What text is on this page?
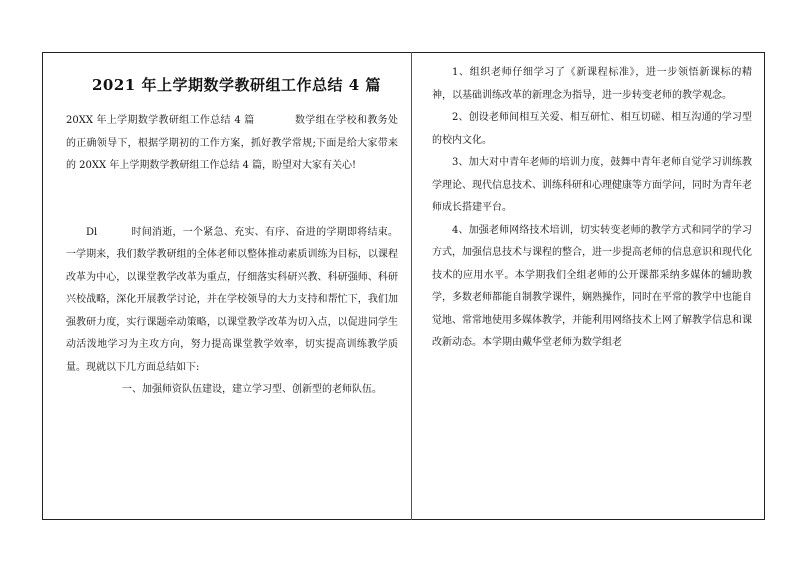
2021 年上学期数学教研组工作总结 4 篇

20XX 年上学期数学教研组工作总结 4 篇	数学组在学校和教务处的正确领导下，根据学期初的工作方案，抓好教学常规;下面是给大家带来的 20XX 年上学期数学教研组工作总结 4 篇，盼望对大家有关心!

Dl	时间消逝，一个紧急、充实、有序、奋进的学期即将结束。一学期来，我们数学教研组的全体老师以整体推动素质训练为目标，以课程改革为中心，以课堂教学改革为重点，仔细落实科研兴教、科研强师、科研兴校战略，深化开展教学讨论，并在学校领导的大力支持和帮忙下，我们加强教研力度，实行课题牵动策略，以课堂教学改革为切入点，以促进同学生动活泼地学习为主攻方向，努力提高课堂教学效率，切实提高训练教学质量。现就以下几方面总结如下:

一、加强师资队伍建设，建立学习型、创新型的老师队伍。

1、组织老师仔细学习了《新课程标准》，进一步领悟新课标的精神，以基础训练改革的新理念为指导，进一步转变老师的教学观念。

2、创设老师间相互关爱、相互研忙、相互切磋、相互沟通的学习型的校内文化。

3、加大对中青年老师的培训力度，鼓舞中青年老师自觉学习训练教学理论、现代信息技术、训练科研和心理健康等方面学问，同时为青年老师成长搭建平台。

4、加强老师网络技术培训，切实转变老师的教学方式和同学的学习方式，加强信息技术与课程的整合，进一步提高老师的信息意识和现代化技术的应用水平。本学期我们全组老师的公开课都采纳多媒体的辅助教学，多数老师都能自制教学课件，娴熟操作，同时在平常的教学中也能自觉地、常常地使用多媒体教学，并能利用网络技术上网了解教学信息和课改新动态。本学期由戴华堂老师为数学组老
